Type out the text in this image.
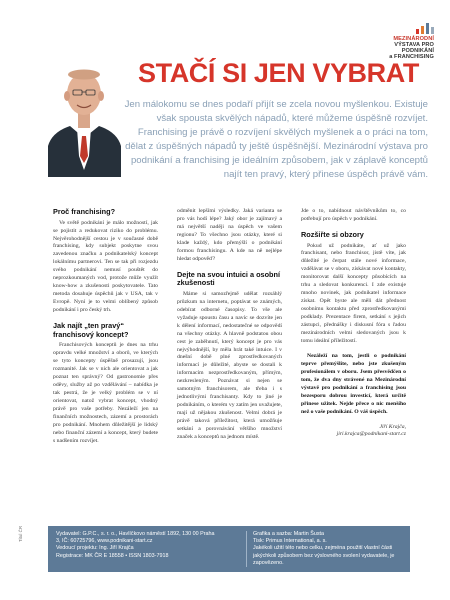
MEZINÁRODNÍ
VÝSTAVA PRO PODNIKÁNÍ
a FRANCHISING
STAČÍ SI JEN VYBRAT

Jen málokomu se dnes podaří přijít se zcela novou myšlenkou. Existuje však spousta skvělých nápadů, které můžeme úspěšně rozvíjet. Franchising je právě o rozvíjení skvělých myšlenek a o práci na tom, dělat z úspěšných nápadů ty ještě úspěšnější. Mezinárodní výstava pro podnikání a franchising je ideálním způsobem, jak v záplavě konceptů najít ten pravý, který přinese úspěch právě vám.

Proč franchising?

Ve světě podnikání je málo možností, jak se pojistit a redukovat riziko do problému. Nejvěrohodnější cestou je v současné době franchising, kdy subjekt poskytne svou zavedenou značku a podnikatelský koncept lokálnímu partnerovi. Ten se tak při rozjezdu svého podnikání nemusí pouštět do neprozkoumaných vod, protože může využít know-how a zkušenosti poskytovatele. Tato metoda dosahuje úspěchů jak v USA, tak v Evropě. Nyní je to velmi oblíbený způsob podnikání i pro český trh.

Jak najít „ten pravý“ franchisový koncept?

Franchisových konceptů je dnes na trhu opravdu velké množství a oborů, ve kterých se tyto koncepty úspěšně prosazují, jsou rozmanité. Jak se v nich ale orientovat a jak poznat ten správný? Od gastronomie přes oděvy, služby až po vzdělávání – nabídka je tak pestrá, že je velký problém se v ní orientovat, natož vybrat koncept, vhodný právě pro vaše potřeby. Nezáleží jen na finančních možnostech, zázemí a prostorách pro podnikání. Mnohem důležitější je lidský nebo finanční zázemí a koncept, který budete s nadšením rozvíjet.

odměnit lepšími výsledky. Jaká varianta se pro vás hodí lépe? Jaký obor je zajímavý a má největší naději na úspěch ve vašem regionu? To všechno jsou otázky, které si klade každý, kdo přemýšlí o podnikání formou franchisingu. A kde na ně nejlépe hledat odpověď?

Dejte na svou intuici a osobní zkušenosti

Máme si samozřejmě udělat rozsáhlý průzkum na internetu, poptávat se známých, odebírat odborné časopisy. To vše ale vyžaduje spoustu času a navíc se dozvíte jen k dělení informací, nedostatečné se odpovědí na všechny otázky. A hlavně podstatou obou cest je zaběhnutí, který koncept je pro vás nejvýhodnější, by měla hrát také intuice. I v dnešní době plné zprostředkovaných informací je důležité, abyste se dostali k informacím nezprostředkovaným, přímým, nezkresleným. Poznávat si nejen se samotným franchisorem, ale třeba i s jednotlivými franchisanty. Kdy to jiné je podnikáním, o kterém vy zatím jen uvažujete, mají už nějakou zkušenost. Velmi dobrá je právě taková příležitost, která umožňuje setkání a porovnávání většího množství značek a konceptů na jednom místě.

Jde o to, nabídnout návštěvníkům to, co potřebují pro úspěch v podnikání.

Rozšiřte si obzory

Pokud už podnikáte, ať už jako franchisant, nebo franchisor, jistě víte, jak důležité je čerpat stále nové informace, vzdělávat se v oboru, získávat nové kontakty, monitorovat další koncepty působících na trhu a sledovat konkurenci. I zde existuje mnoho novinek, jak podnikatel informace získat. Opět byste ale měli dát přednost osobnímu kontaktu před zprostředkovanými podklady. Prezentace firem, setkání s jejich zástupci, přednášky i diskusní fóra s řadou mezinárodních velmi sledovaných jsou k tomu ideální příležitostí.

Nezáleží na tom, jestli o podnikání teprve přemýšlíte, nebo jste zkušeným profesionálem v oboru. Jsem přesvědčen o tom, že dva dny strávené na Mezinárodní výstavě pro podnikání a franchising jsou bezesporu dobrou investicí, která určitě přinese užitek. Nejde přece o nic menšího než o vaše podnikání. O váš úspěch.

Jiří Krajča,

jiri.krajca@podnikani-start.cz

Vydavatel: G.P.C., s. r. o., Havlíčkovo náměstí 1892, 130 00 Praha 3, IČ: 60725796, www.podnikani-start.cz
Vedoucí projektu: Ing. Jiří Krajča
Registrace: MK ČR E 18558 • ISSN 1803-7918
Grafika a sazba: Martin Šusta
Tisk: Primus International, a. s.
Jakékoli užití této nebo celku, zejména použití vlastní části jakýchkoli způsobem bez výslovného svolení vydavatele, je zapovězeno.
Titul ČR
